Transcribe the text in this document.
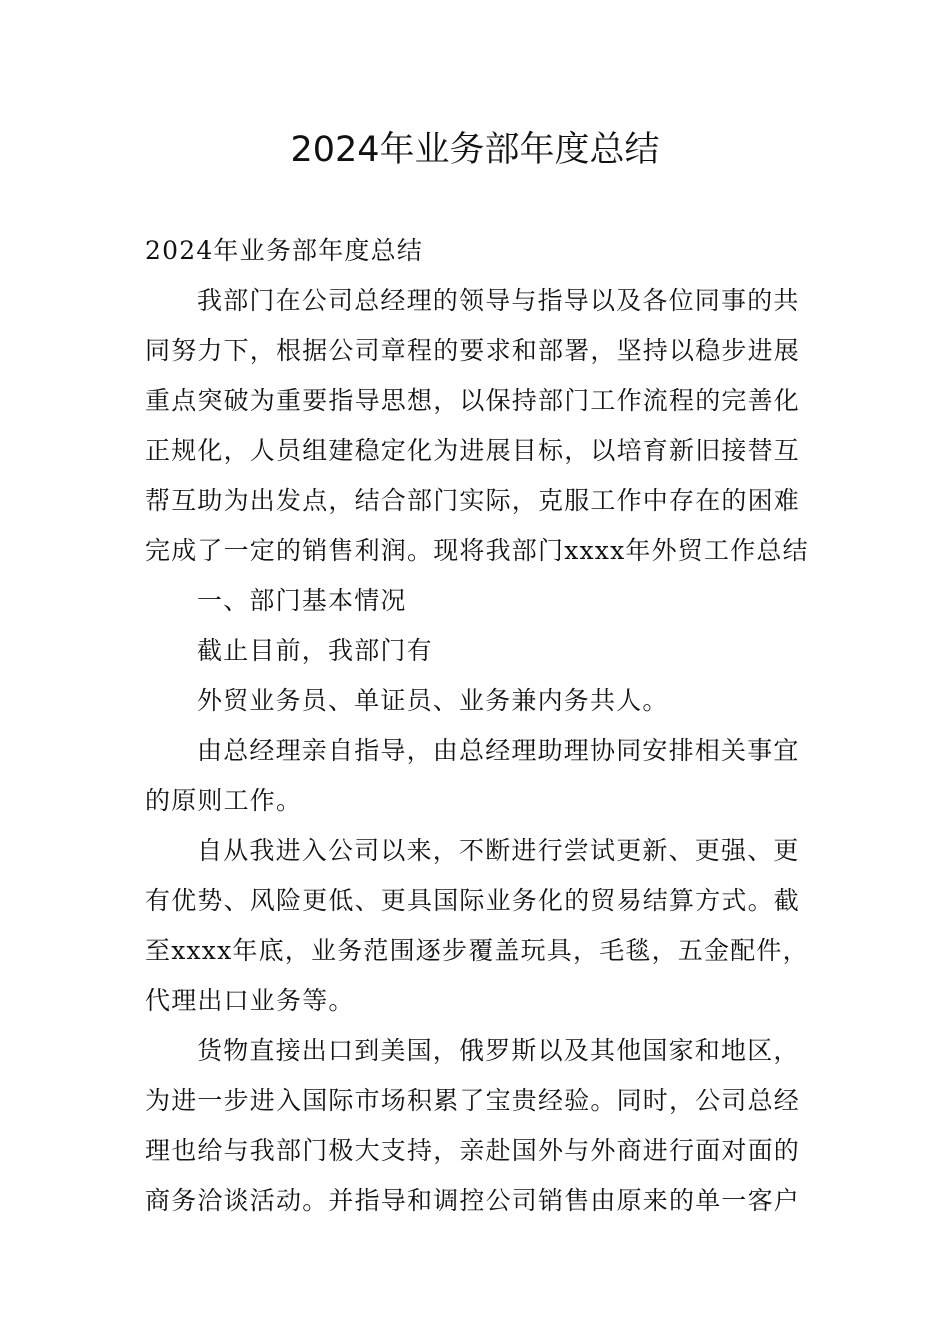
2024年业务部年度总结

2024年业务部年度总结

我部门在公司总经理的领导与指导以及各位同事的共同努力下，根据公司章程的要求和部署，坚持以稳步进展重点突破为重要指导思想，以保持部门工作流程的完善化正规化，人员组建稳定化为进展目标，以培育新旧接替互帮互助为出发点，结合部门实际，克服工作中存在的困难完成了一定的销售利润。现将我部门xxxx年外贸工作总结

一、部门基本情况

截止目前，我部门有

外贸业务员、单证员、业务兼内务共人。

由总经理亲自指导，由总经理助理协同安排相关事宜的原则工作。

自从我进入公司以来，不断进行尝试更新、更强、更有优势、风险更低、更具国际业务化的贸易结算方式。截至xxxx年底，业务范围逐步覆盖玩具，毛毯，五金配件，代理出口业务等。

货物直接出口到美国，俄罗斯以及其他国家和地区，为进一步进入国际市场积累了宝贵经验。同时，公司总经理也给与我部门极大支持，亲赴国外与外商进行面对面的商务洽谈活动。并指导和调控公司销售由原来的单一客户
